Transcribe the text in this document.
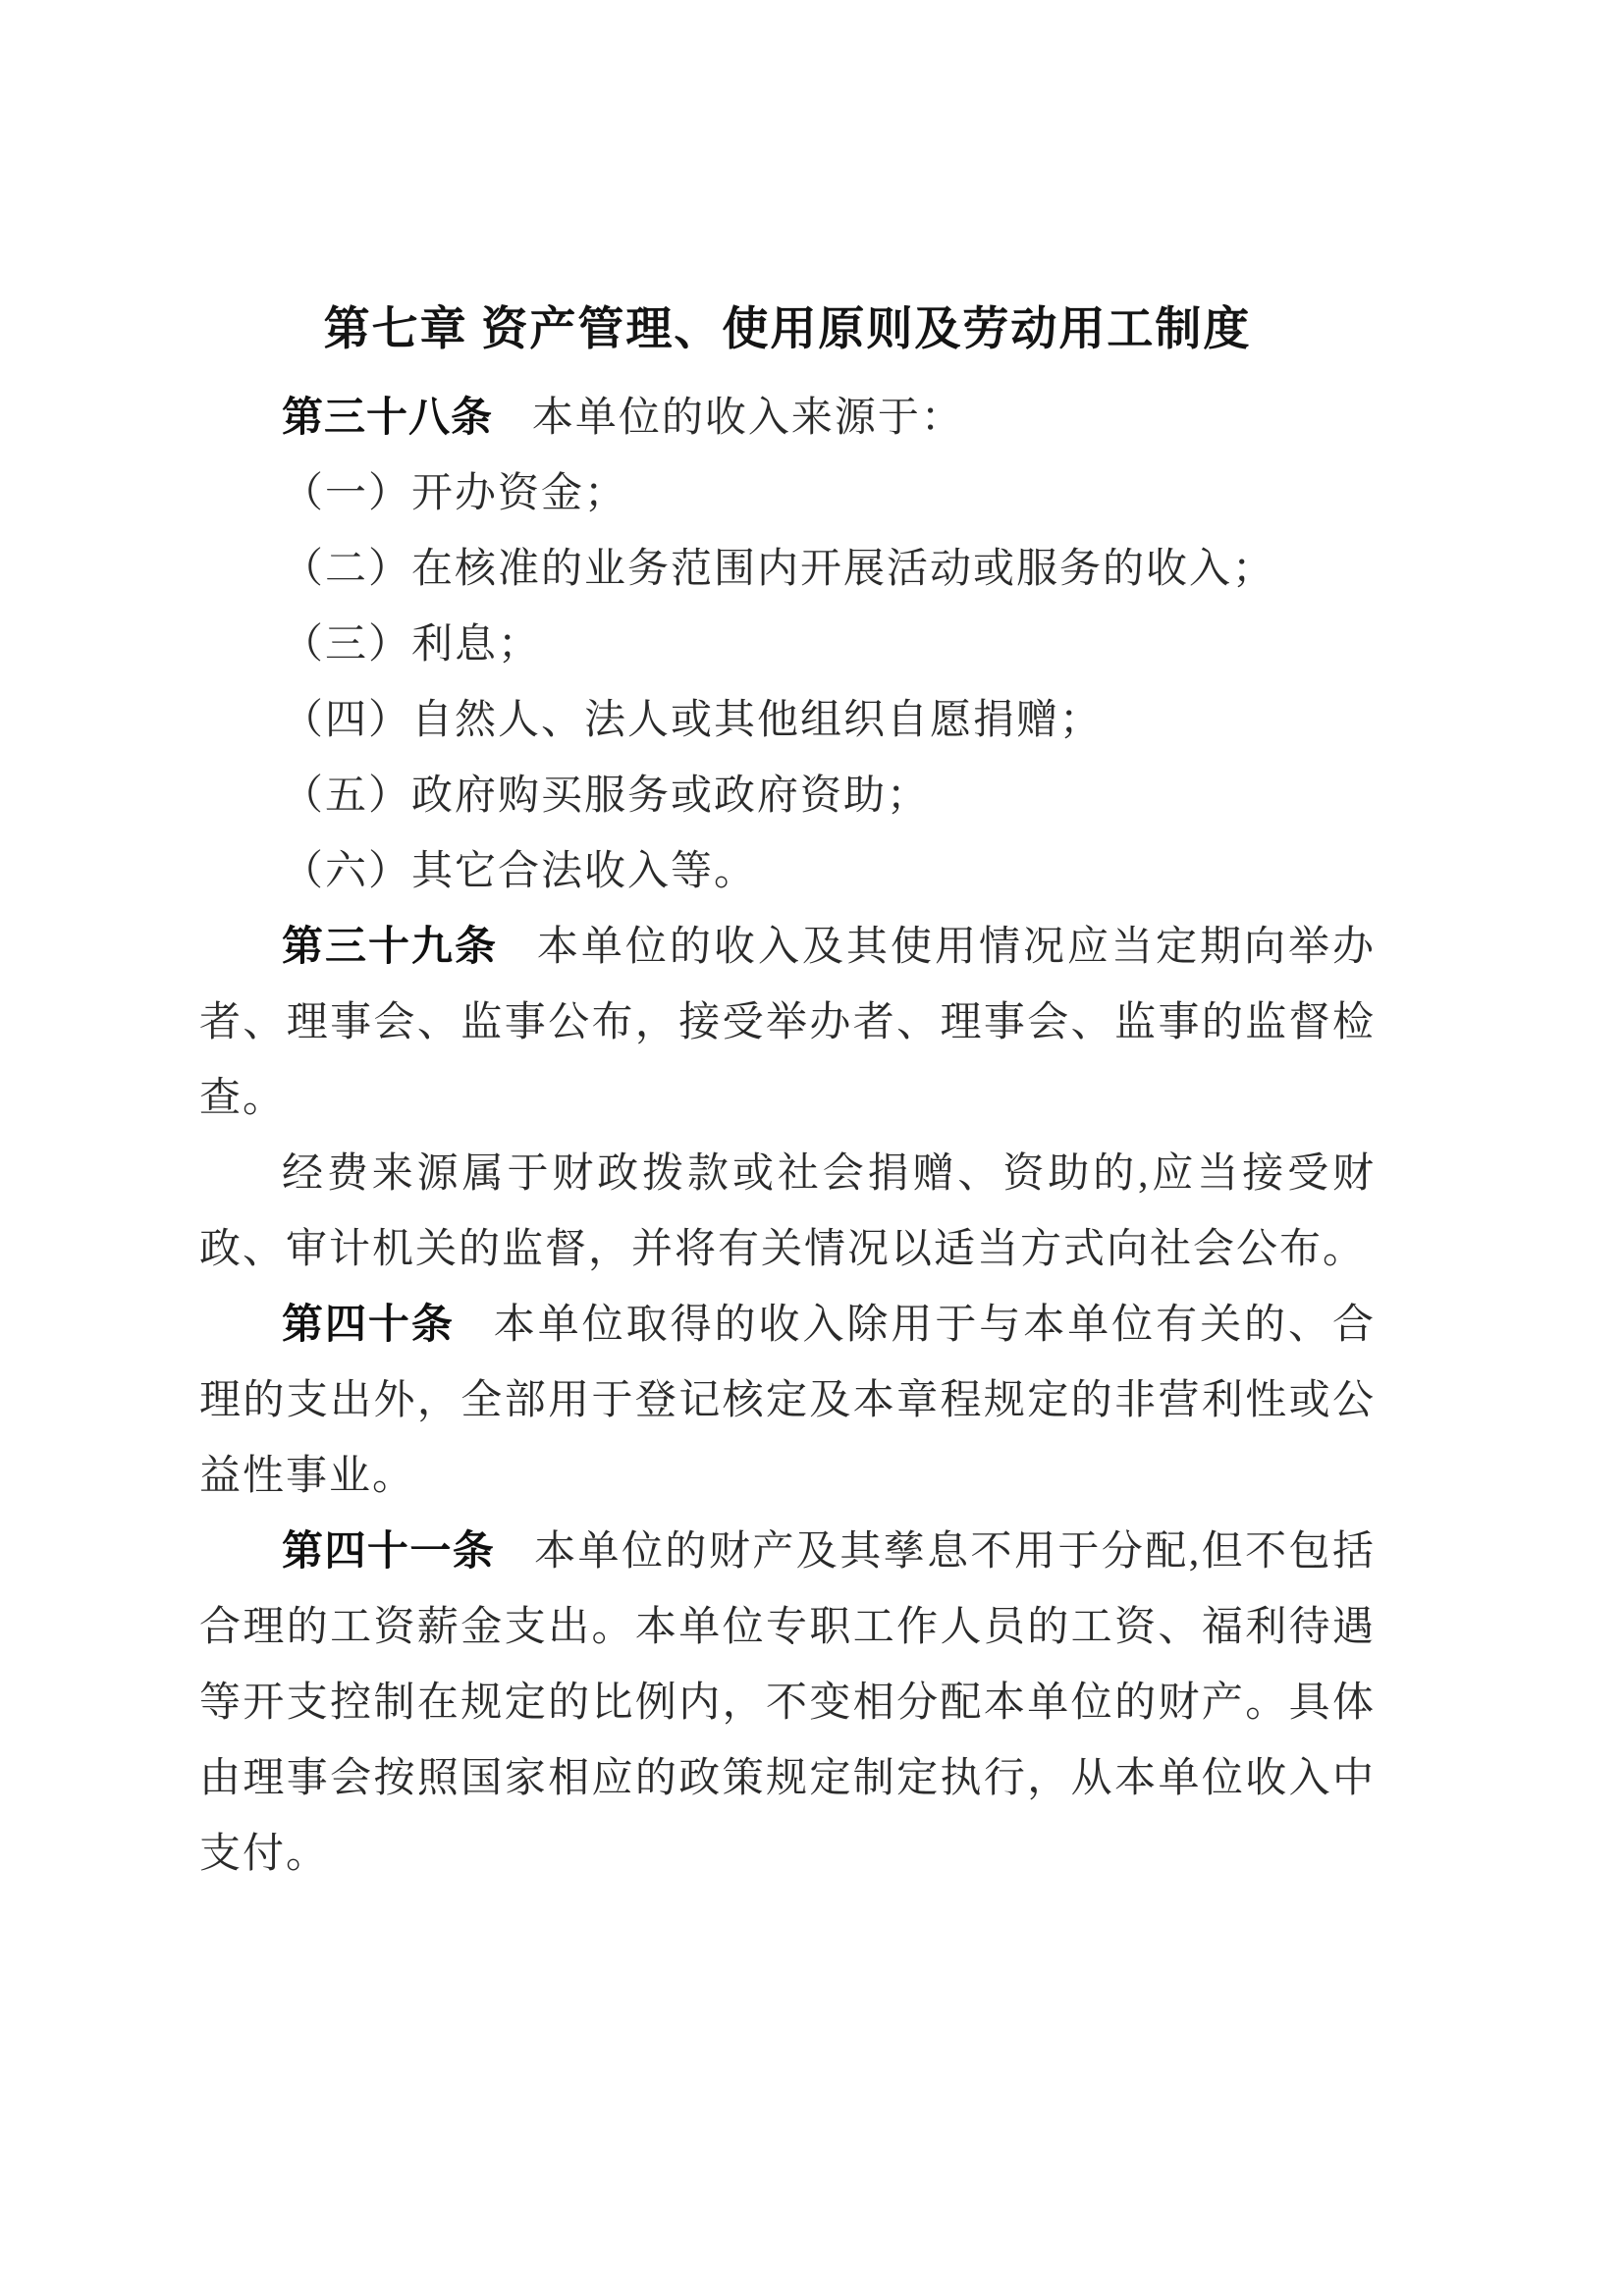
第七章 资产管理、使用原则及劳动用工制度

第三十八条 本单位的收入来源于：

（一）开办资金；

（二）在核准的业务范围内开展活动或服务的收入；

（三）利息；

（四）自然人、法人或其他组织自愿捐赠；

（五）政府购买服务或政府资助；

（六）其它合法收入等。

第三十九条 本单位的收入及其使用情况应当定期向举办者、理事会、监事公布，接受举办者、理事会、监事的监督检查。

经费来源属于财政拨款或社会捐赠、资助的,应当接受财政、审计机关的监督，并将有关情况以适当方式向社会公布。

第四十条 本单位取得的收入除用于与本单位有关的、合理的支出外，全部用于登记核定及本章程规定的非营利性或公益性事业。

第四十一条 本单位的财产及其孳息不用于分配,但不包括合理的工资薪金支出。本单位专职工作人员的工资、福利待遇等开支控制在规定的比例内，不变相分配本单位的财产。具体由理事会按照国家相应的政策规定制定执行，从本单位收入中支付。
